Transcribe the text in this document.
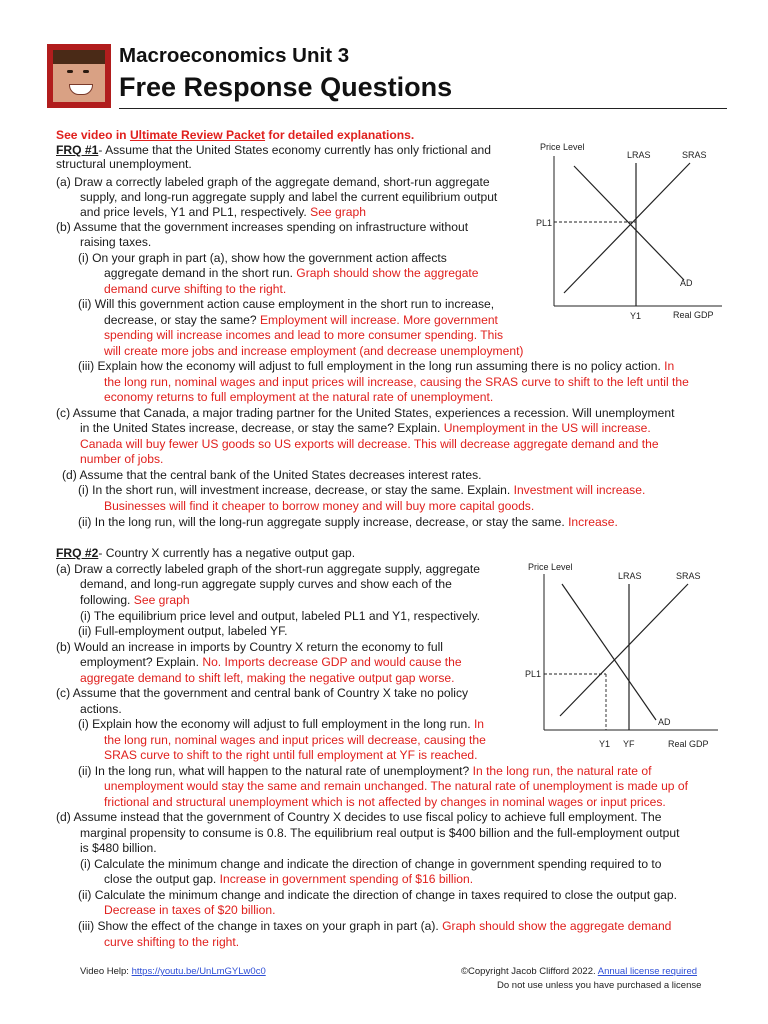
Macroeconomics Unit 3
Free Response Questions
See video in Ultimate Review Packet for detailed explanations.
FRQ #1- Assume that the United States economy currently has only frictional and
structural unemployment.
(a) Draw a correctly labeled graph of the aggregate demand, short-run aggregate
supply, and long-run aggregate supply and label the current equilibrium output
and price levels, Y1 and PL1, respectively. See graph
(b) Assume that the government increases spending on infrastructure without
raising taxes.
(i) On your graph in part (a), show how the government action affects
aggregate demand in the short run. Graph should show the aggregate
demand curve shifting to the right.
(ii) Will this government action cause employment in the short run to increase,
decrease, or stay the same? Employment will increase. More government
spending will increase incomes and lead to more consumer spending. This
will create more jobs and increase employment (and decrease unemployment)
(iii) Explain how the economy will adjust to full employment in the long run assuming there is no policy action. In
the long run, nominal wages and input prices will increase, causing the SRAS curve to shift to the left until the
economy returns to full employment at the natural rate of unemployment.
(c) Assume that Canada, a major trading partner for the United States, experiences a recession. Will unemployment
in the United States increase, decrease, or stay the same? Explain. Unemployment in the US will increase.
Canada will buy fewer US goods so US exports will decrease. This will decrease aggregate demand and the
number of jobs.
(d) Assume that the central bank of the United States decreases interest rates.
(i) In the short run, will investment increase, decrease, or stay the same. Explain. Investment will increase.
Businesses will find it cheaper to borrow money and will buy more capital goods.
(ii) In the long run, will the long-run aggregate supply increase, decrease, or stay the same. Increase.
FRQ #2- Country X currently has a negative output gap.
(a) Draw a correctly labeled graph of the short-run aggregate supply, aggregate
demand, and long-run aggregate supply curves and show each of the
following. See graph
(i) The equilibrium price level and output, labeled PL1 and Y1, respectively.
(ii) Full-employment output, labeled YF.
(b) Would an increase in imports by Country X return the economy to full
employment? Explain. No. Imports decrease GDP and would cause the
aggregate demand to shift left, making the negative output gap worse.
(c) Assume that the government and central bank of Country X take no policy
actions.
(i) Explain how the economy will adjust to full employment in the long run. In
the long run, nominal wages and input prices will decrease, causing the
SRAS curve to shift to the right until full employment at YF is reached.
(ii) In the long run, what will happen to the natural rate of unemployment? In the long run, the natural rate of
unemployment would stay the same and remain unchanged. The natural rate of unemployment is made up of
frictional and structural unemployment which is not affected by changes in nominal wages or input prices.
(d) Assume instead that the government of Country X decides to use fiscal policy to achieve full employment. The
marginal propensity to consume is 0.8. The equilibrium real output is $400 billion and the full-employment output
is $480 billion.
(i) Calculate the minimum change and indicate the direction of change in government spending required to to
close the output gap. Increase in government spending of $16 billion.
(ii) Calculate the minimum change and indicate the direction of change in taxes required to close the output gap.
Decrease in taxes of $20 billion.
(iii) Show the effect of the change in taxes on your graph in part (a). Graph should show the aggregate demand
curve shifting to the right.
Price Level
Real GDP
LRAS	SRAS
AD
PL1
Y1
Price Level
Real GDP
LRAS	SRAS
AD
PL1
Y1 YF
Video Help: https://youtu.be/UnLmGYLw0c0	©Copyright Jacob Clifford 2022. Annual license required
Do not use unless you have purchased a license
